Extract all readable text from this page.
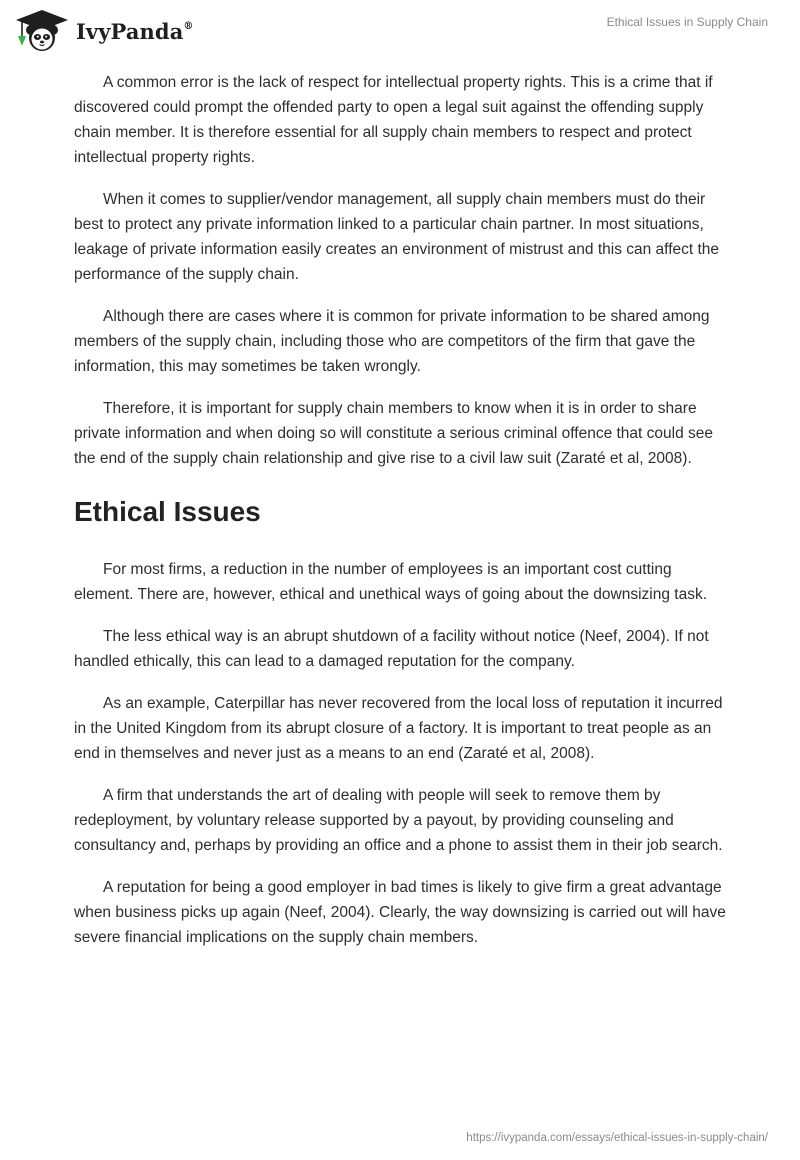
IvyPanda®	Ethical Issues in Supply Chain

A common error is the lack of respect for intellectual property rights. This is a crime that if discovered could prompt the offended party to open a legal suit against the offending supply chain member. It is therefore essential for all supply chain members to respect and protect intellectual property rights.

When it comes to supplier/vendor management, all supply chain members must do their best to protect any private information linked to a particular chain partner. In most situations, leakage of private information easily creates an environment of mistrust and this can affect the performance of the supply chain.

Although there are cases where it is common for private information to be shared among members of the supply chain, including those who are competitors of the firm that gave the information, this may sometimes be taken wrongly.

Therefore, it is important for supply chain members to know when it is in order to share private information and when doing so will constitute a serious criminal offence that could see the end of the supply chain relationship and give rise to a civil law suit (Zaraté et al, 2008).

Ethical Issues

For most firms, a reduction in the number of employees is an important cost cutting element. There are, however, ethical and unethical ways of going about the downsizing task.

The less ethical way is an abrupt shutdown of a facility without notice (Neef, 2004). If not handled ethically, this can lead to a damaged reputation for the company.

As an example, Caterpillar has never recovered from the local loss of reputation it incurred in the United Kingdom from its abrupt closure of a factory. It is important to treat people as an end in themselves and never just as a means to an end (Zaraté et al, 2008).

A firm that understands the art of dealing with people will seek to remove them by redeployment, by voluntary release supported by a payout, by providing counseling and consultancy and, perhaps by providing an office and a phone to assist them in their job search.

A reputation for being a good employer in bad times is likely to give firm a great advantage when business picks up again (Neef, 2004). Clearly, the way downsizing is carried out will have severe financial implications on the supply chain members.

https://ivypanda.com/essays/ethical-issues-in-supply-chain/
